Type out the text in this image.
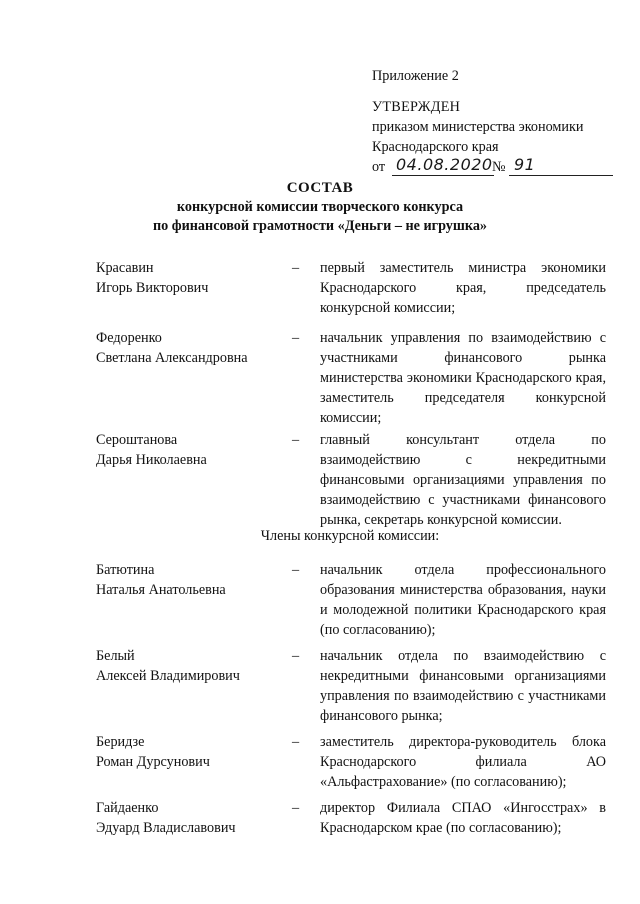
Приложение 2
УТВЕРЖДЕН
приказом министерства экономики
Краснодарского края
от 04.08.2020 № 91
СОСТАВ
конкурсной комиссии творческого конкурса
по финансовой грамотности «Деньги – не игрушка»
Красавин
Игорь Викторович
–	первый заместитель министра экономики Краснодарского края, председатель конкурсной комиссии;
Федоренко
Светлана Александровна
–	начальник управления по взаимодействию с участниками финансового рынка министерства экономики Краснодарского края, заместитель председателя конкурсной комиссии;
Сероштанова
Дарья Николаевна
–	главный консультант отдела по взаимодействию с некредитными финансовыми организациями управления по взаимодействию с участниками финансового рынка, секретарь конкурсной комиссии.
Батютина
Наталья Анатольевна
–	начальник отдела профессионального образования министерства образования, науки и молодежной политики Краснодарского края (по согласованию);
Белый
Алексей Владимирович
–	начальник отдела по взаимодействию с некредитными финансовыми организациями управления по взаимодействию с участниками финансового рынка;
Беридзе
Роман Дурсунович
–	заместитель директора-руководитель блока Краснодарского филиала АО «Альфастрахование» (по согласованию);
Гайдаенко
Эдуард Владиславович
–	директор Филиала СПАО «Ингосстрах» в Краснодарском крае (по согласованию);
Члены конкурсной комиссии:
